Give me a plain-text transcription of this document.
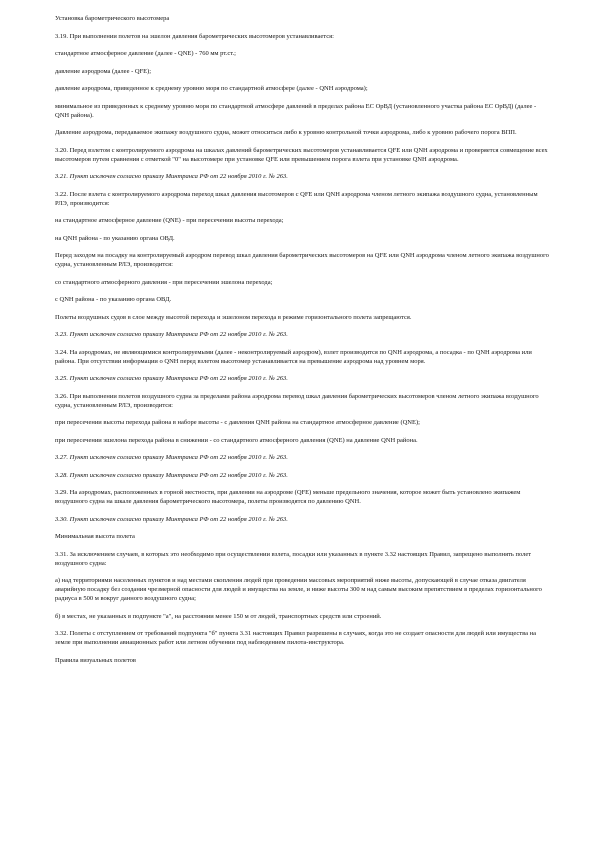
Установка барометрического высотомера

3.19. При выполнении полетов на эшелон давления барометрических высотомеров устанавливается:

стандартное атмосферное давление (далее - QNE) - 760 мм рт.ст.;

давление аэродрома (далее - QFE);

давление аэродрома, приведенное к среднему уровню моря по стандартной атмосфере (далее - QNH аэродрома);

минимальное из приведенных к среднему уровню моря по стандартной атмосфере давлений в пределах района ЕС ОрВД (установленного участка района ЕС ОрВД) (далее - QNH района).

Давление аэродрома, передаваемое экипажу воздушного судна, может относиться либо к уровню контрольной точки аэродрома, либо к уровню рабочего порога ВПП.

3.20. Перед взлетом с контролируемого аэродрома на шкалах давлений барометрических высотомеров устанавливается QFE или QNH аэродрома и проверяется совмещение всех высотомеров путем сравнения с отметкой "0" на высотомере при установке QFE или превышением порога взлета при установке QNH аэродрома.

3.21. Пункт исключен согласно приказу Минтранса РФ от 22 ноября 2010 г. № 263.

3.22. После взлета с контролируемого аэродрома переход шкал давления высотомеров с QFE или QNH аэродрома членом летного экипажа воздушного судна, установленным РЛЭ, производится:

на стандартное атмосферное давление (QNE) - при пересечении высоты перехода;

на QNH района - по указанию органа ОВД.

Перед заходом на посадку на контролируемый аэродром перевод шкал давления барометрических высотомеров на QFE или QNH аэродрома членом летного экипажа воздушного судна, установленным РЛЭ, производится:

со стандартного атмосферного давления - при пересечении эшелона перехода;

с QNH района - по указанию органа ОВД.

Полеты воздушных судов в слое между высотой перехода и эшелоном перехода в режиме горизонтального полета запрещаются.

3.23. Пункт исключен согласно приказу Минтранса РФ от 22 ноября 2010 г. № 263.

3.24. На аэродромах, не являющимися контролируемыми (далее - неконтролируемый аэродром), взлет производится по QNH аэродрома, а посадка - по QNH аэродрома или района. При отсутствии информации о QNH перед взлетом высотомер устанавливается на превышение аэродрома над уровнем моря.

3.25. Пункт исключен согласно приказу Минтранса РФ от 22 ноября 2010 г. № 263.

3.26. При выполнении полетов воздушного судна за пределами района аэродрома перевод шкал давления барометрических высотомеров членом летного экипажа воздушного судна, установленным РЛЭ, производится:

при пересечении высоты перехода района в наборе высоты - с давления QNH района на стандартное атмосферное давление (QNE);

при пересечении эшелона перехода района в снижении - со стандартного атмосферного давления (QNE) на давление QNH района.

3.27. Пункт исключен согласно приказу Минтранса РФ от 22 ноября 2010 г. № 263.

3.28. Пункт исключен согласно приказу Минтранса РФ от 22 ноября 2010 г. № 263.

3.29. На аэродромах, расположенных в горной местности, при давлении на аэродроме (QFE) меньше предельного значения, которое может быть установлено экипажем воздушного судна на шкале давления барометрического высотомера, полеты производятся по давлению QNH.

3.30. Пункт исключен согласно приказу Минтранса РФ от 22 ноября 2010 г. № 263.

Минимальная высота полета

3.31. За исключением случаев, в которых это необходимо при осуществлении взлета, посадки или указанных в пункте 3.32 настоящих Правил, запрещено выполнять полет воздушного судна:

а) над территориями населенных пунктов и над местами скопления людей при проведении массовых мероприятий ниже высоты, допускающей в случае отказа двигателя аварийную посадку без создания чрезмерной опасности для людей и имущества на земле, и ниже высоты 300 м над самым высоким препятствием в пределах горизонтального радиуса в 500 м вокруг данного воздушного судна;

б) в местах, не указанных в подпункте "а", на расстоянии менее 150 м от людей, транспортных средств или строений.

3.32. Полеты с отступлением от требований подпункта "б" пункта 3.31 настоящих Правил разрешены в случаях, когда это не создает опасности для людей или имущества на земле при выполнении авиационных работ или летном обучении под наблюдением пилота-инструктора.

Правила визуальных полетов
